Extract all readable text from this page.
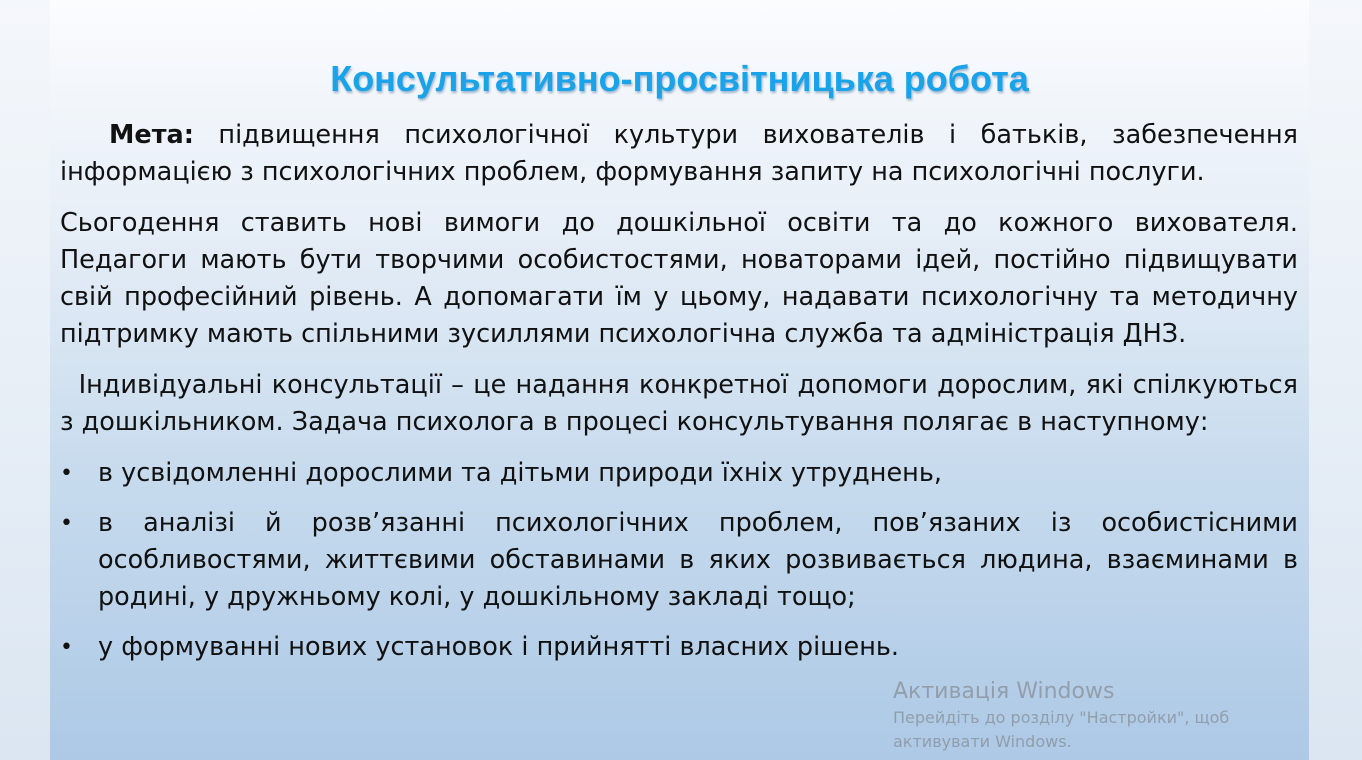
Консультативно-просвітницька робота

Мета: підвищення психологічної культури вихователів і батьків, забезпечення інформацією з психологічних проблем, формування запиту на психологічні послуги.

Сьогодення ставить нові вимоги до дошкільної освіти та до кожного вихователя. Педагоги мають бути творчими особистостями, новаторами ідей, постійно підвищувати свій професійний рівень. А допомагати їм у цьому, надавати психологічну та методичну підтримку мають спільними зусиллями психологічна служба та адміністрація ДНЗ.

Індивідуальні консультації – це надання конкретної допомоги дорослим, які спілкуються з дошкільником. Задача психолога в процесі консультування полягає в наступному:

• в усвідомленні дорослими та дітьми природи їхніх утруднень,
• в аналізі й розв’язанні психологічних проблем, пов’язаних із особистісними особливостями, життєвими обставинами в яких розвивається людина, взаєминами в родині, у дружньому колі, у дошкільному закладі тощо;
• у формуванні нових установок і прийнятті власних рішень.
Активація Windows
Перейдіть до розділу "Настройки", щоб активувати Windows.
